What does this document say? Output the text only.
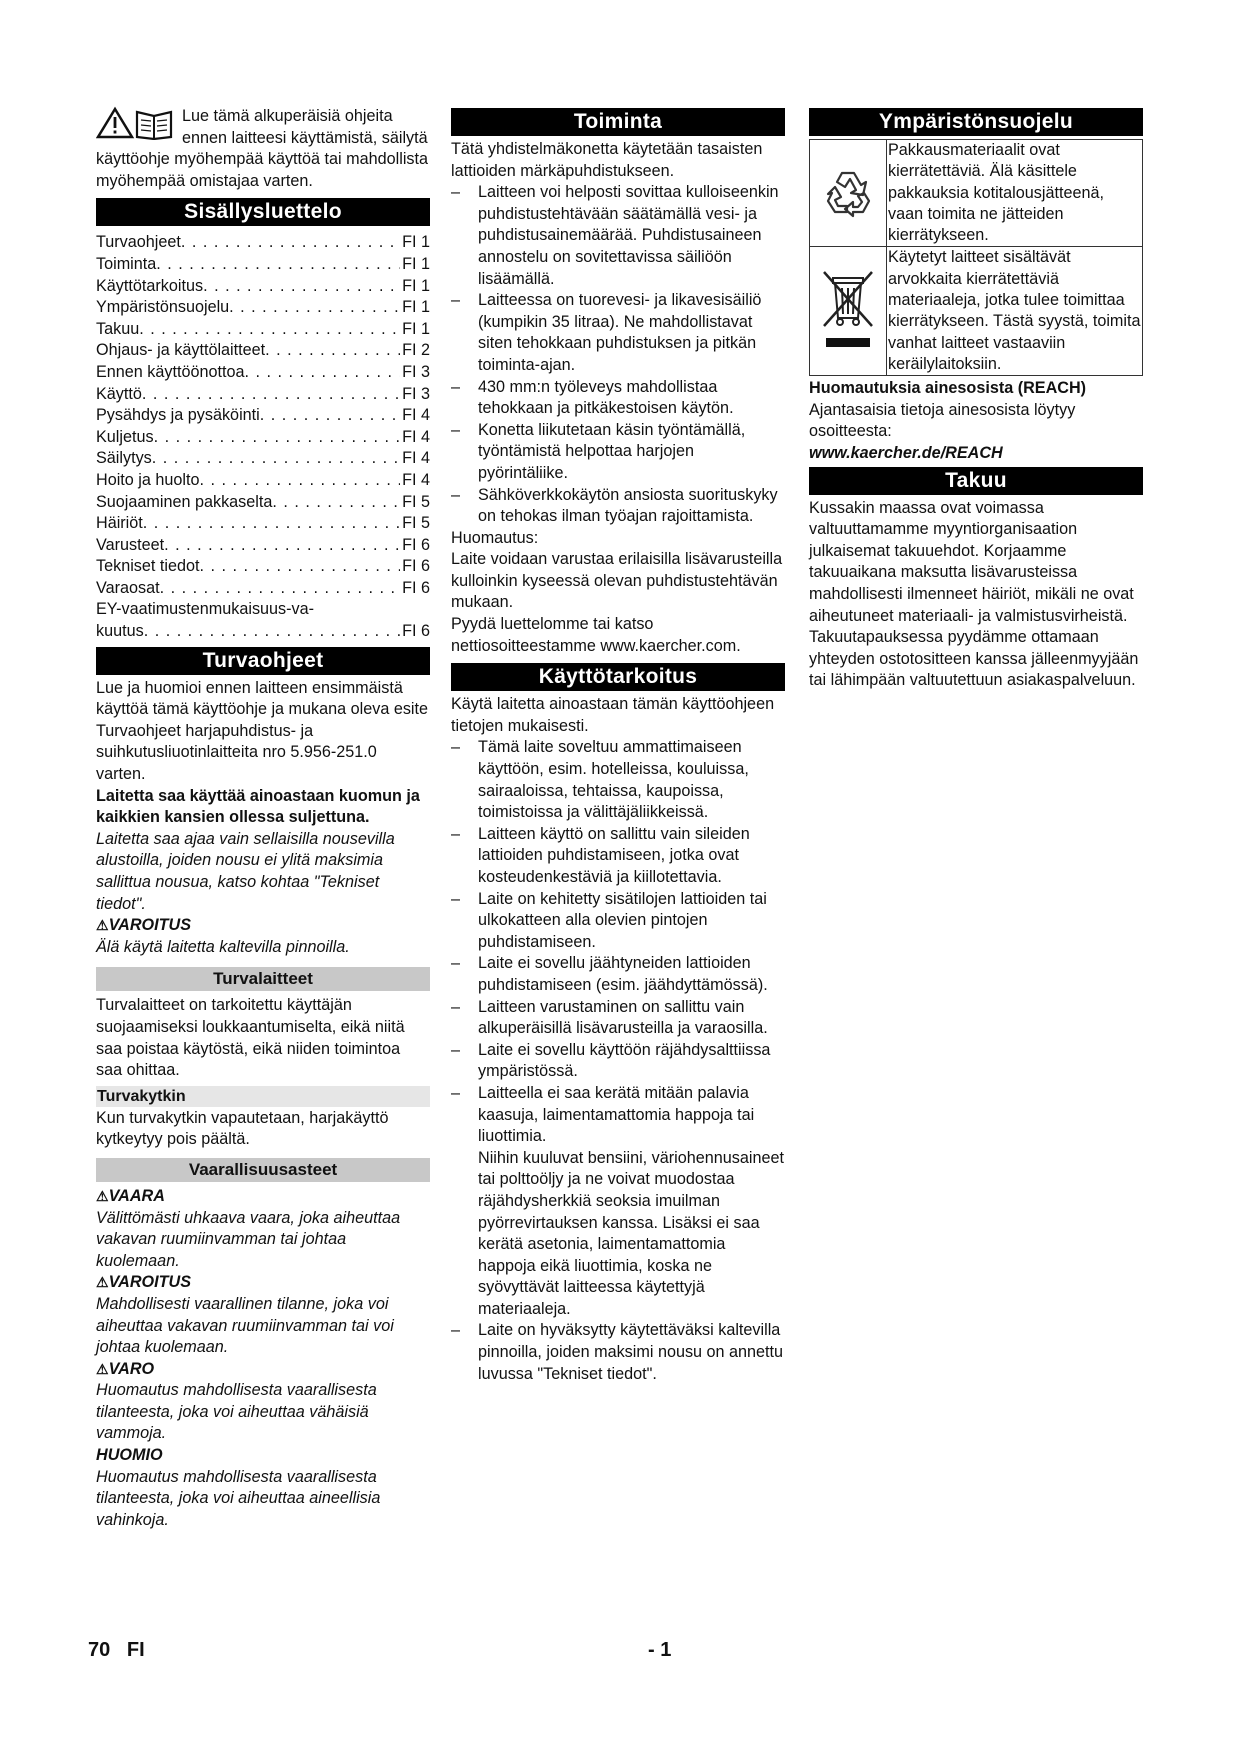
Lue tämä alkuperäisiä ohjeita ennen laitteesi käyttämistä, säilytä käyttöohje myöhempää käyttöä tai mahdollista myöhempää omistajaa varten.

Sisällysluettelo
Turvaohjeet . . .	FI 1
Toiminta . . .	FI 1
Käyttötarkoitus . . .	FI 1
Ympäristönsuojelu . . .	FI 1
Takuu . . .	FI 1
Ohjaus- ja käyttölaitteet . . .	FI 2
Ennen käyttöönottoa . . .	FI 3
Käyttö . . .	FI 3
Pysähdys ja pysäköinti . . .	FI 4
Kuljetus . . .	FI 4
Säilytys . . .	FI 4
Hoito ja huolto . . .	FI 4
Suojaaminen pakkaselta . . .	FI 5
Häiriöt . . .	FI 5
Varusteet . . .	FI 6
Tekniset tiedot . . .	FI 6
Varaosat . . .	FI 6
EY-vaatimustenmukaisuus-va-
kuutus . . .	FI 6
Turvaohjeet

Lue ja huomioi ennen laitteen ensimmäistä käyttöä tämä käyttöohje ja mukana oleva esite Turvaohjeet harjapuhdistus- ja suihkutusliuotinlaitteita nro 5.956-251.0 varten.

Laitetta saa käyttää ainoastaan kuomun ja kaikkien kansien ollessa suljettuna.

Laitetta saa ajaa vain sellaisilla nousevilla alustoilla, joiden nousu ei ylitä maksimia sallittua nousua, katso kohtaa "Tekniset tiedot".

⚠VAROITUS

Älä käytä laitetta kaltevilla pinnoilla.

Turvalaitteet

Turvalaitteet on tarkoitettu käyttäjän suojaamiseksi loukkaantumiselta, eikä niitä saa poistaa käytöstä, eikä niiden toimintoa saa ohittaa.

Turvakytkin

Kun turvakytkin vapautetaan, harjakäyttö kytkeytyy pois päältä.

Vaarallisuusasteet

⚠VAARA

Välittömästi uhkaava vaara, joka aiheuttaa vakavan ruumiinvamman tai johtaa kuolemaan.

⚠VAROITUS

Mahdollisesti vaarallinen tilanne, joka voi aiheuttaa vakavan ruumiinvamman tai voi johtaa kuolemaan.

⚠VARO

Huomautus mahdollisesta vaarallisesta tilanteesta, joka voi aiheuttaa vähäisiä vammoja.

HUOMIO

Huomautus mahdollisesta vaarallisesta tilanteesta, joka voi aiheuttaa aineellisia vahinkoja.

Toiminta

Tätä yhdistelmäkonetta käytetään tasaisten lattioiden märkäpuhdistukseen.

– Laitteen voi helposti sovittaa kulloiseenkin puhdistustehtävään säätämällä vesi- ja puhdistusainemäärää. Puhdistusaineen annostelu on sovitettavissa säiliöön lisäämällä.
– Laitteessa on tuorevesi- ja likavesisäiliö (kumpikin 35 litraa). Ne mahdollistavat siten tehokkaan puhdistuksen ja pitkän toiminta-ajan.
– 430 mm:n työleveys mahdollistaa tehokkaan ja pitkäkestoisen käytön.
– Konetta liikutetaan käsin työntämällä, työntämistä helpottaa harjojen pyörintäliike.
– Sähköverkkokäytön ansiosta suorituskyky on tehokas ilman työajan rajoittamista.

Huomautus:

Laite voidaan varustaa erilaisilla lisävarusteilla kulloinkin kyseessä olevan puhdistustehtävän mukaan.

Pyydä luettelomme tai katso nettiosoitteestamme www.kaercher.com.

Käyttötarkoitus

Käytä laitetta ainoastaan tämän käyttöohjeen tietojen mukaisesti.

– Tämä laite soveltuu ammattimaiseen käyttöön, esim. hotelleissa, kouluissa, sairaaloissa, tehtaissa, kaupoissa, toimistoissa ja välittäjäliikkeissä.
– Laitteen käyttö on sallittu vain sileiden lattioiden puhdistamiseen, jotka ovat kosteudenkestäviä ja kiillotettavia.
– Laite on kehitetty sisätilojen lattioiden tai ulkokatteen alla olevien pintojen puhdistamiseen.
– Laite ei sovellu jäähtyneiden lattioiden puhdistamiseen (esim. jäähdyttämössä).
– Laitteen varustaminen on sallittu vain alkuperäisillä lisävarusteilla ja varaosilla.
– Laite ei sovellu käyttöön räjähdysalttiissa ympäristössä.
– Laitteella ei saa kerätä mitään palavia kaasuja, laimentamattomia happoja tai liuottimia.
Niihin kuuluvat bensiini, väriohennusaineet tai polttoöljy ja ne voivat muodostaa räjähdysherkkiä seoksia imuilman pyörrevirtauksen kanssa. Lisäksi ei saa kerätä asetonia, laimentamattomia happoja eikä liuottimia, koska ne syövyttävät laitteessa käytettyjä materiaaleja.
– Laite on hyväksytty käytettäväksi kaltevilla pinnoilla, joiden maksimi nousu on annettu luvussa "Tekniset tiedot".
Ympäristönsuojelu
Pakkausmateriaalit ovat kierrätettäviä. Älä käsittele pakkauksia kotitalousjätteenä, vaan toimita ne jätteiden kierrätykseen.
Käytetyt laitteet sisältävät arvokkaita kierrätettäviä materiaaleja, jotka tulee toimittaa kierrätykseen. Tästä syystä, toimita vanhat laitteet vastaaviin keräilylaitoksiin.

Huomautuksia ainesosista (REACH)

Ajantasaisia tietoja ainesosista löytyy osoitteesta:

www.kaercher.de/REACH

Takuu

Kussakin maassa ovat voimassa valtuuttamamme myyntiorganisaation julkaisemat takuuehdot. Korjaamme takuuaikana maksutta lisävarusteissa mahdollisesti ilmenneet häiriöt, mikäli ne ovat aiheutuneet materiaali- ja valmistusvirheistä. Takuutapauksessa pyydämme ottamaan yhteyden ostotositteen kanssa jälleenmyyjään tai lähimpään valtuutettuun asiakaspalveluun.

70 FI	- 1
